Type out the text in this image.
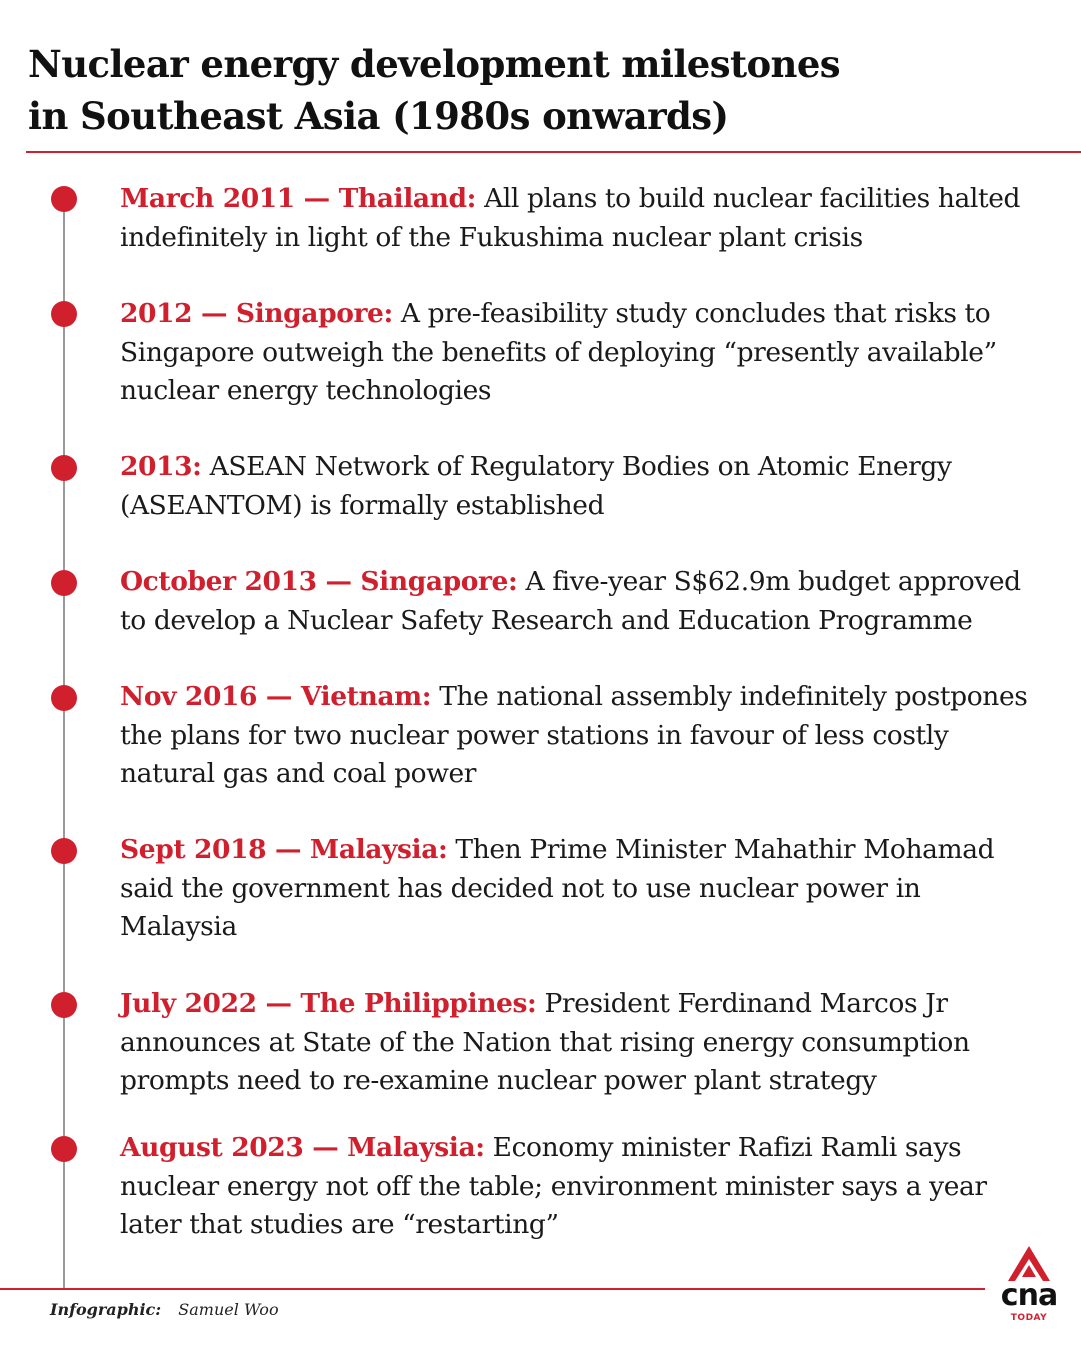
Nuclear energy development milestones
in Southeast Asia (1980s onwards)
March 2011 — Thailand: All plans to build nuclear facilities halted indefinitely in light of the Fukushima nuclear plant crisis
2012 — Singapore: A pre-feasibility study concludes that risks to Singapore outweigh the benefits of deploying “presently available” nuclear energy technologies
2013: ASEAN Network of Regulatory Bodies on Atomic Energy (ASEANTOM) is formally established
October 2013 — Singapore: A five-year S$62.9m budget approved to develop a Nuclear Safety Research and Education Programme
Nov 2016 — Vietnam: The national assembly indefinitely postpones the plans for two nuclear power stations in favour of less costly natural gas and coal power
Sept 2018 — Malaysia: Then Prime Minister Mahathir Mohamad said the government has decided not to use nuclear power in Malaysia
July 2022 — The Philippines: President Ferdinand Marcos Jr announces at State of the Nation that rising energy consumption prompts need to re-examine nuclear power plant strategy
August 2023 — Malaysia: Economy minister Rafizi Ramli says nuclear energy not off the table; environment minister says a year later that studies are “restarting”
Infographic: Samuel Woo	cna
TODAY
